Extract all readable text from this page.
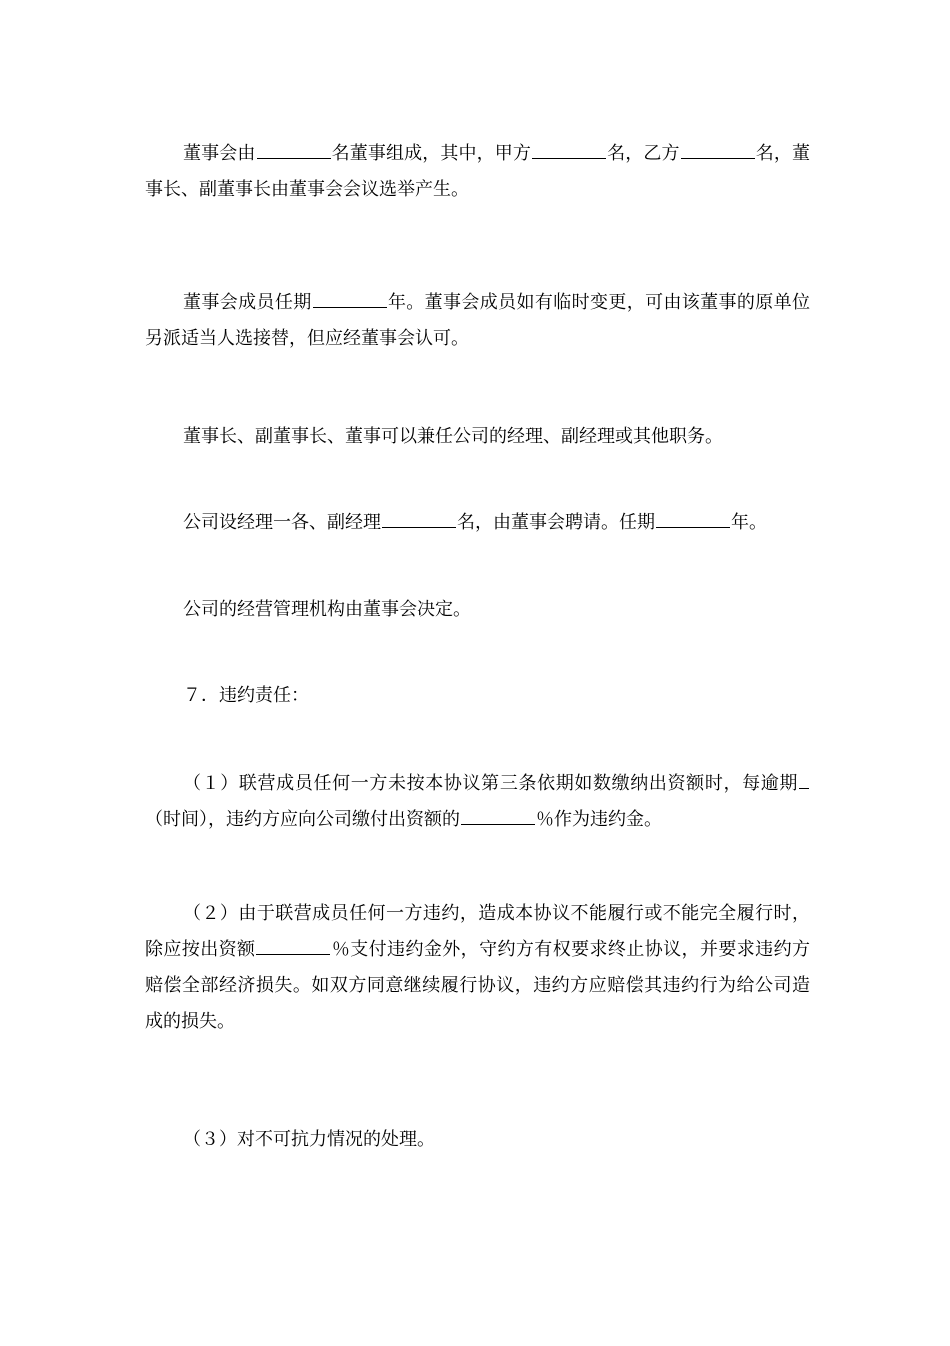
董事会由	名董事组成，其中，甲方	名，乙方	名，董事长、副董事长由董事会会议选举产生。

董事会成员任期	年。董事会成员如有临时变更，可由该董事的原单位另派适当人选接替，但应经董事会认可。

董事长、副董事长、董事可以兼任公司的经理、副经理或其他职务。

公司设经理一各、副经理	名，由董事会聘请。任期	年。

公司的经营管理机构由董事会决定。

７．违约责任：

（１）联营成员任何一方未按本协议第三条依期如数缴纳出资额时，每逾期（时间），违约方应向公司缴付出资额的	％作为违约金。

（２）由于联营成员任何一方违约，造成本协议不能履行或不能完全履行时，除应按出资额	％支付违约金外，守约方有权要求终止协议，并要求违约方赔偿全部经济损失。如双方同意继续履行协议，违约方应赔偿其违约行为给公司造成的损失。

（３）对不可抗力情况的处理。
